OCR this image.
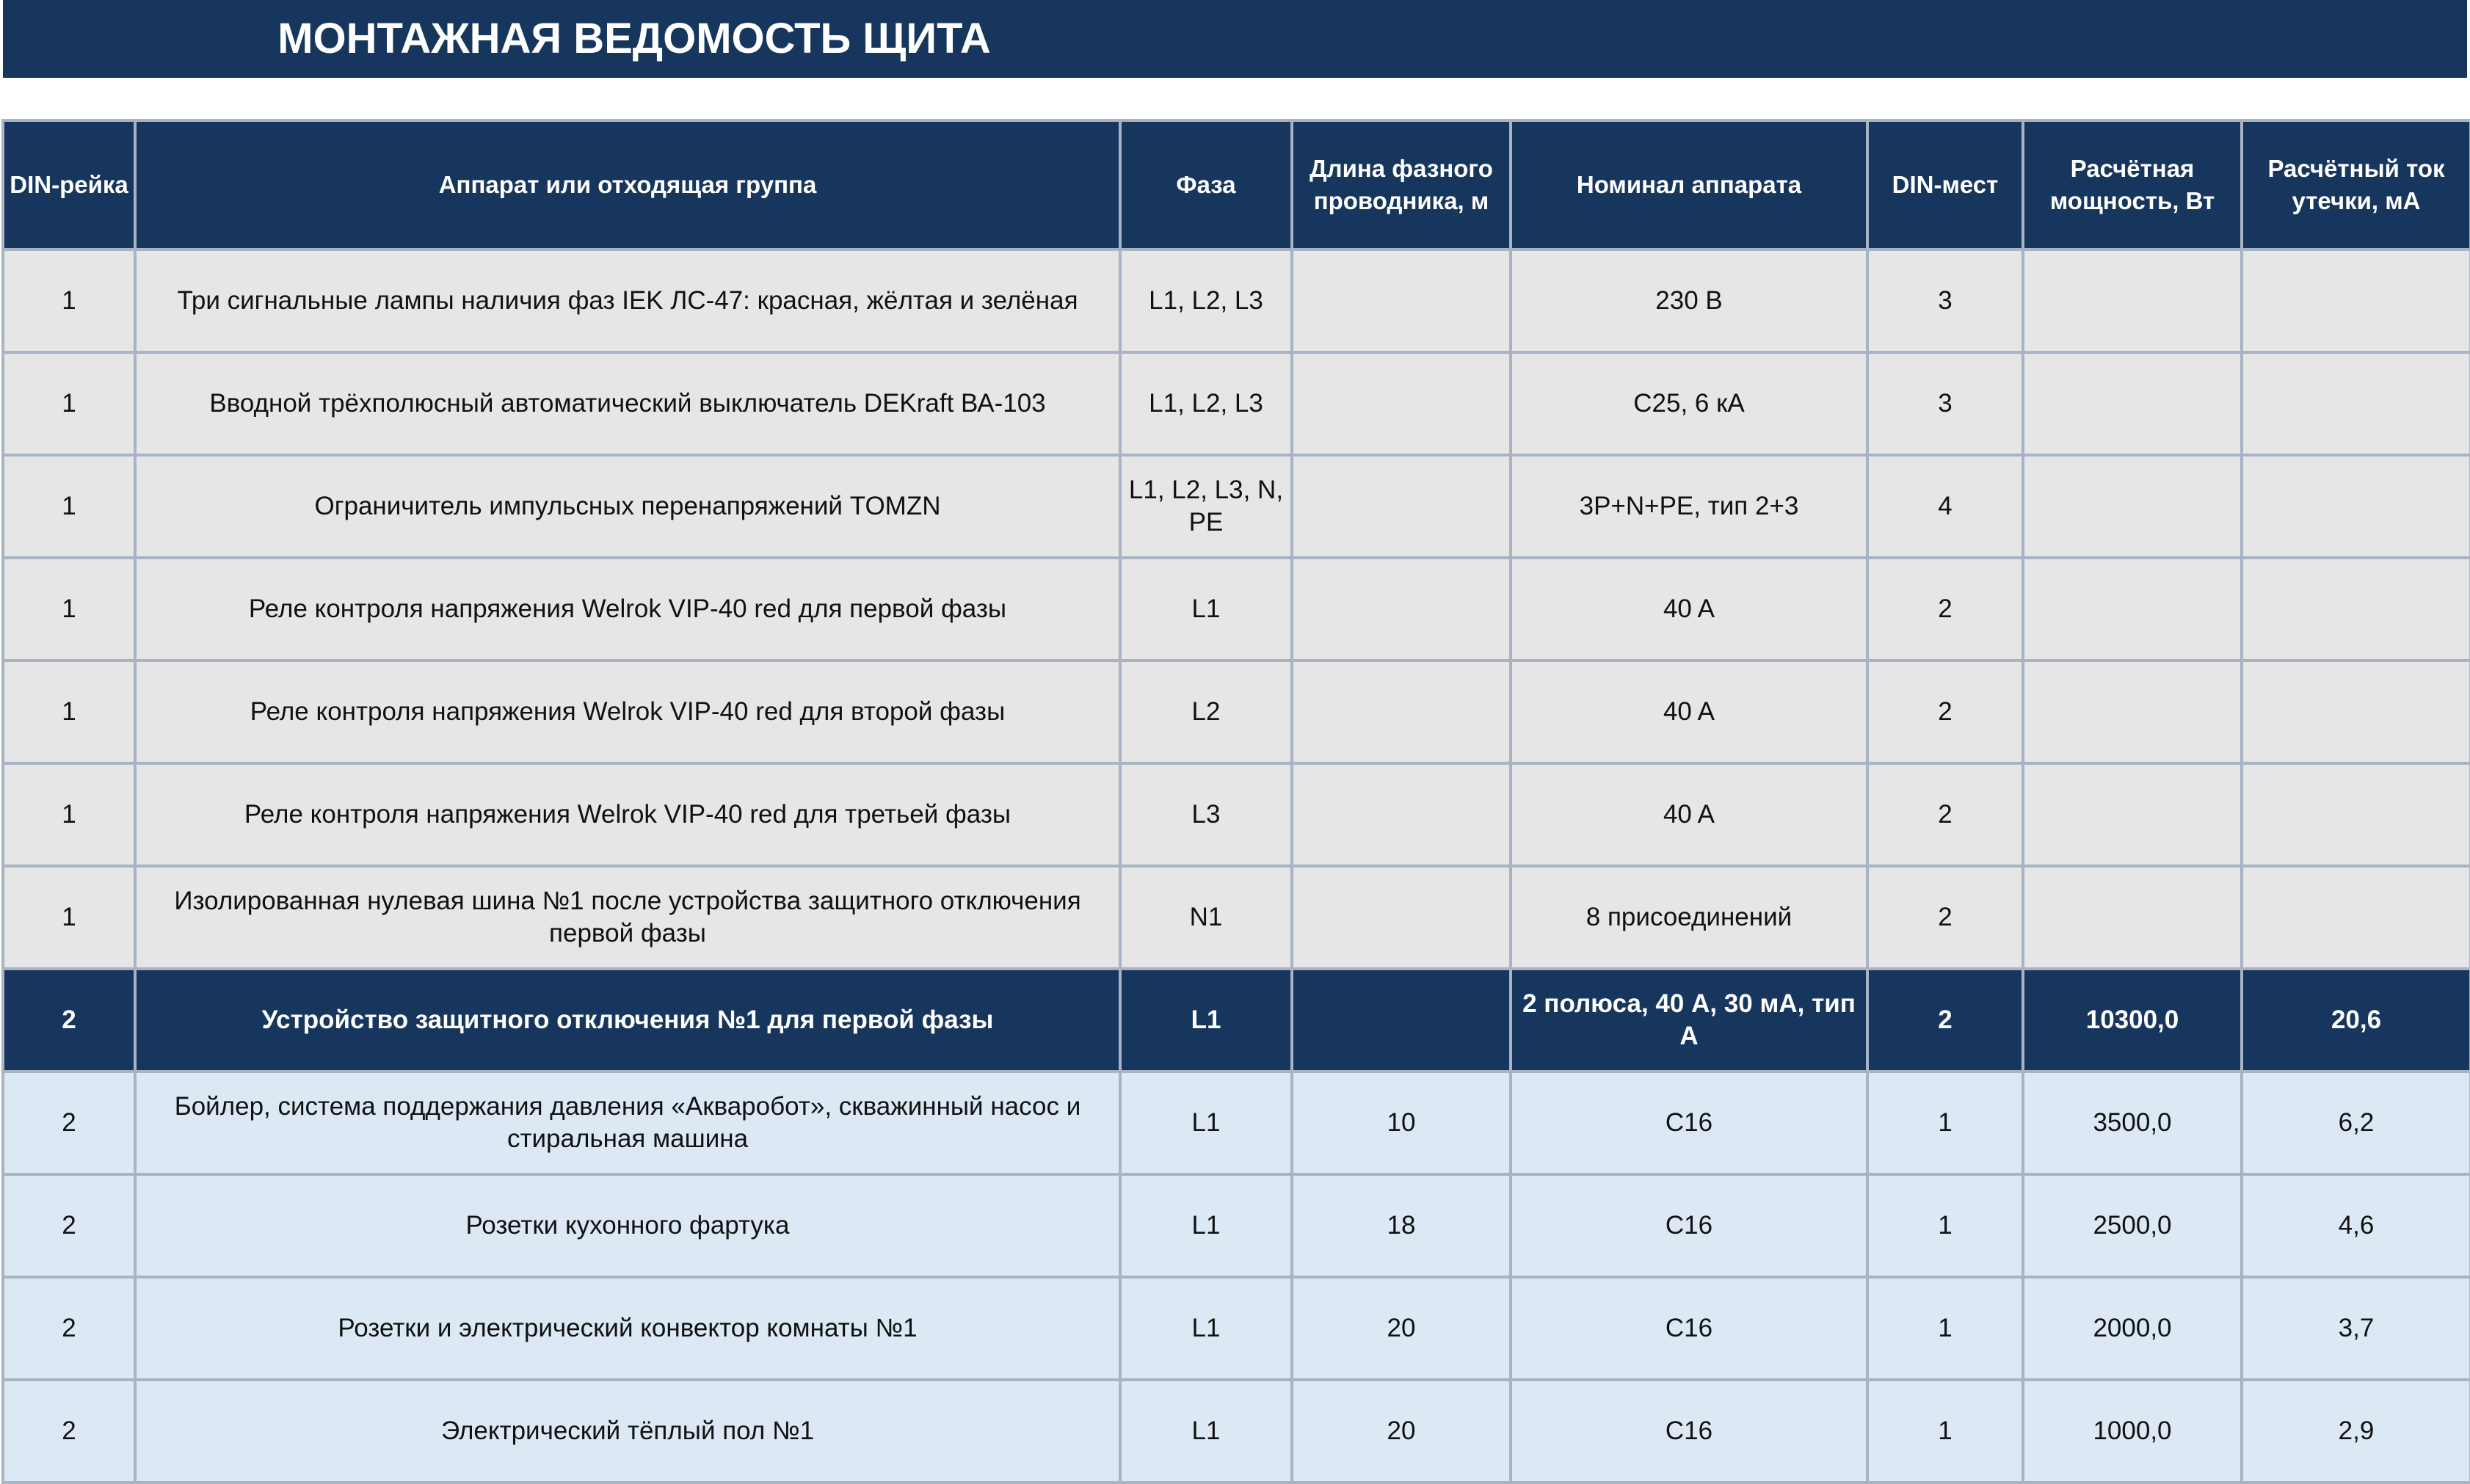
МОНТАЖНАЯ ВЕДОМОСТЬ ЩИТА
DIN-рейка	Аппарат или отходящая группа	Фаза	Длина фазного проводника, м	Номинал аппарата	DIN-мест	Расчётная мощность, Вт	Расчётный ток утечки, мА
1	Три сигнальные лампы наличия фаз IEK ЛС-47: красная, жёлтая и зелёная	L1, L2, L3		230 В	3		
1	Вводной трёхполюсный автоматический выключатель DEKraft ВА-103	L1, L2, L3		C25, 6 кА	3		
1	Ограничитель импульсных перенапряжений TOMZN	L1, L2, L3, N, PE		3P+N+PE, тип 2+3	4		
1	Реле контроля напряжения Welrok VIP-40 red для первой фазы	L1		40 A	2		
1	Реле контроля напряжения Welrok VIP-40 red для второй фазы	L2		40 A	2		
1	Реле контроля напряжения Welrok VIP-40 red для третьей фазы	L3		40 A	2		
1	Изолированная нулевая шина №1 после устройства защитного отключения первой фазы	N1		8 присоединений	2		
2	Устройство защитного отключения №1 для первой фазы	L1		2 полюса, 40 А, 30 мА, тип А	2	10300,0	20,6
2	Бойлер, система поддержания давления «Акваробот», скважинный насос и стиральная машина	L1	10	C16	1	3500,0	6,2
2	Розетки кухонного фартука	L1	18	C16	1	2500,0	4,6
2	Розетки и электрический конвектор комнаты №1	L1	20	C16	1	2000,0	3,7
2	Электрический тёплый пол №1	L1	20	C16	1	1000,0	2,9
